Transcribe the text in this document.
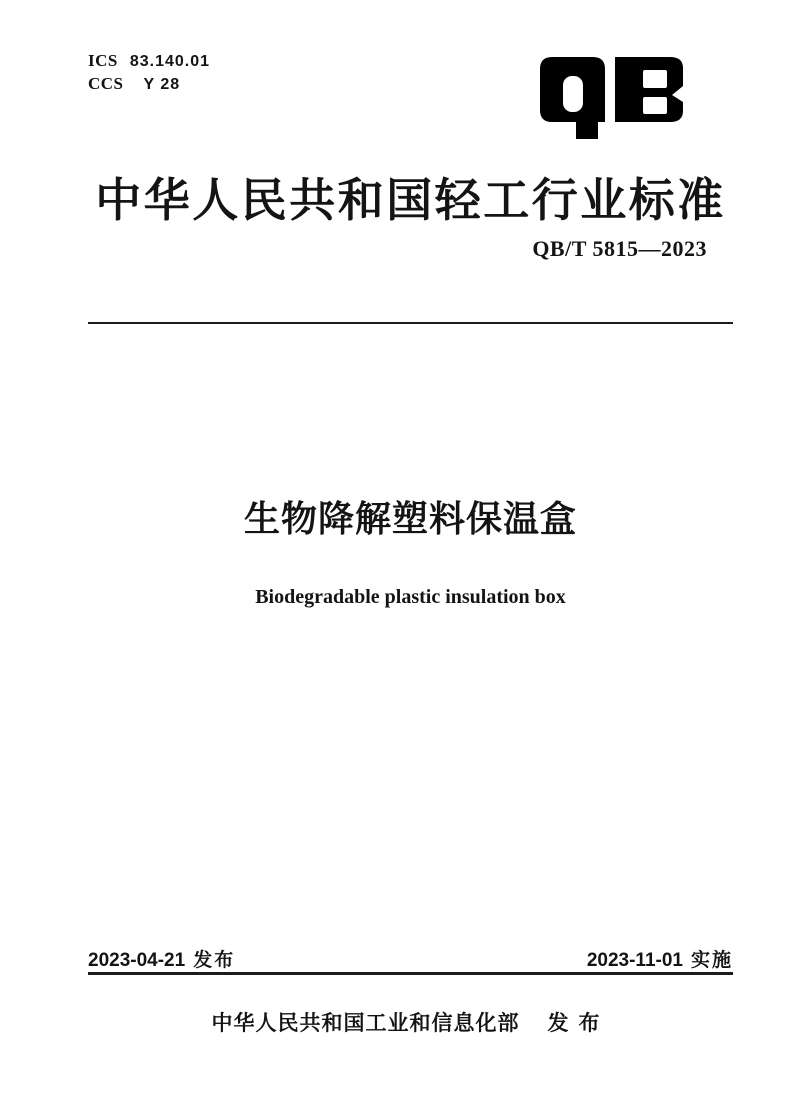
ICS 83.140.01
CCS Y 28
中华人民共和国轻工行业标准
QB/T 5815—2023
生物降解塑料保温盒
Biodegradable plastic insulation box
2023-04-21 发布	2023-11-01 实施
中华人民共和国工业和信息化部 发布
